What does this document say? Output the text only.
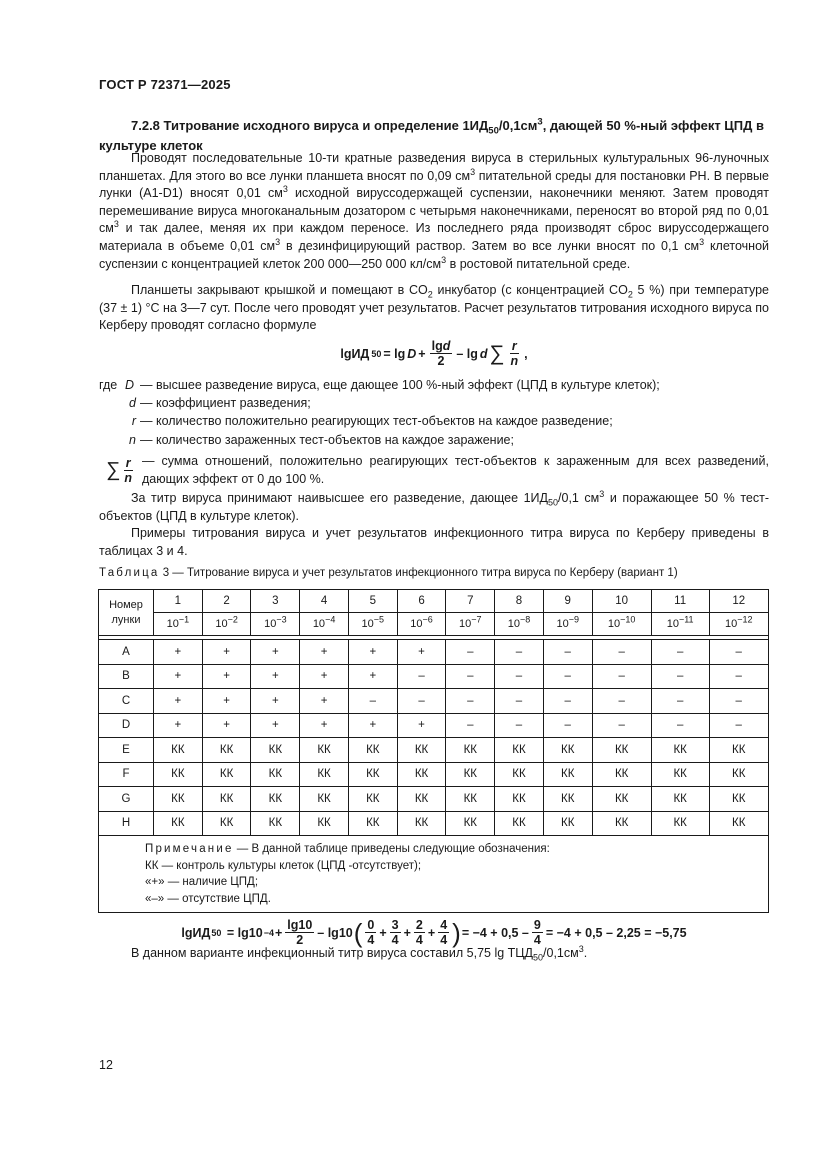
ГОСТ Р 72371—2025
7.2.8 Титрование исходного вируса и определение $1ИД_{50}/0,1см^3$, дающей 50 %-ный эффект ЦПД в культуре клеток
Проводят последовательные 10-ти кратные разведения вируса в стерильных культуральных 96-луночных планшетах. Для этого во все лунки планшета вносят по 0,09 $см^3$ питательной среды для постановки РН. В первые лунки (A1-D1) вносят 0,01 $см^3$ исходной вируссодержащей суспензии, наконечники меняют. Затем проводят перемешивание вируса многоканальным дозатором с четырьмя наконечниками, переносят во второй ряд по 0,01 $см^3$ и так далее, меняя их при каждом переносе. Из последнего ряда производят сброс вируссодержащего материала в объеме 0,01 $см^3$ в дезинфицирующий раствор. Затем во все лунки вносят по 0,1 $см^3$ клеточной суспензии с концентрацией клеток 200 000—250 000 $кл/см^3$ в ростовой питательной среде.
Планшеты закрывают крышкой и помещают в $CO_2$ инкубатор (с концентрацией $CO_2$ 5 %) при температуре (37 ± 1) °С на 3—7 сут. После чего проводят учет результатов. Расчет результатов титрования исходного вируса по Керберу проводят согласно формуле
lgИД $50 = \lg D + \frac{\lg d}{2} - \lg d$ ∑ $\frac{r}{n}$ ,
где D — высшее разведение вируса, еще дающее 100 %-ный эффект (ЦПД в культуре клеток);
d — коэффициент разведения;
r — количество положительно реагирующих тест-объектов на каждое разведение;
n — количество зараженных тест-объектов на каждое заражение;
∑ $\frac{r}{n}$ — сумма отношений, положительно реагирующих тест-объектов к зараженным для всех разведений, дающих эффект от 0 до 100 %.
За титр вируса принимают наивысшее его разведение, дающее $1ИД_{50}/0,1$ $см^3$ и поражающее 50 % тест-объектов (ЦПД в культуре клеток).
Примеры титрования вируса и учет результатов инфекционного титра вируса по Керберу приведены в таблицах 3 и 4.
Таблица 3 — Титрование вируса и учет результатов инфекционного титра вируса по Керберу (вариант 1)
Номер лунки	1	2	3	4	5	6	7	8	9	10	11	12
	$10^{-1}$	$10^{-2}$	$10^{-3}$	$10^{-4}$	$10^{-5}$	$10^{-6}$	$10^{-7}$	$10^{-8}$	$10^{-9}$	$10^{-10}$	$10^{-11}$	$10^{-12}$

A	+	+	+	+	+	+	–	–	–	–	–	–
B	+	+	+	+	+	–	–	–	–	–	–	–
C	+	+	+	+	–	–	–	–	–	–	–	–
D	+	+	+	+	+	+	–	–	–	–	–	–
E	КК	КК	КК	КК	КК	КК	КК	КК	КК	КК	КК	КК
F	КК	КК	КК	КК	КК	КК	КК	КК	КК	КК	КК	КК
G	КК	КК	КК	КК	КК	КК	КК	КК	КК	КК	КК	КК
H	КК	КК	КК	КК	КК	КК	КК	КК	КК	КК	КК	КК

Примечание — В данной таблице приведены следующие обозначения:
КК — контроль культуры клеток (ЦПД -отсутствует);
«+» — наличие ЦПД;
«–» — отсутствие ЦПД.												
lgИД 50
= $\lg 10 -4 + \frac{\lg 10}{2} - \lg 10$ ( $\frac{0}{4} + \frac{3}{4} + \frac{2}{4} + \frac{4}{4}$ ) = $-4 + 0,5 - \frac{9}{4} = -4 + 0,5 - 2,25 = -5,75$
В данном варианте инфекционный титр вируса составил 5,75 $\lg ТЦД_{50}/0,1см^3$.
12
